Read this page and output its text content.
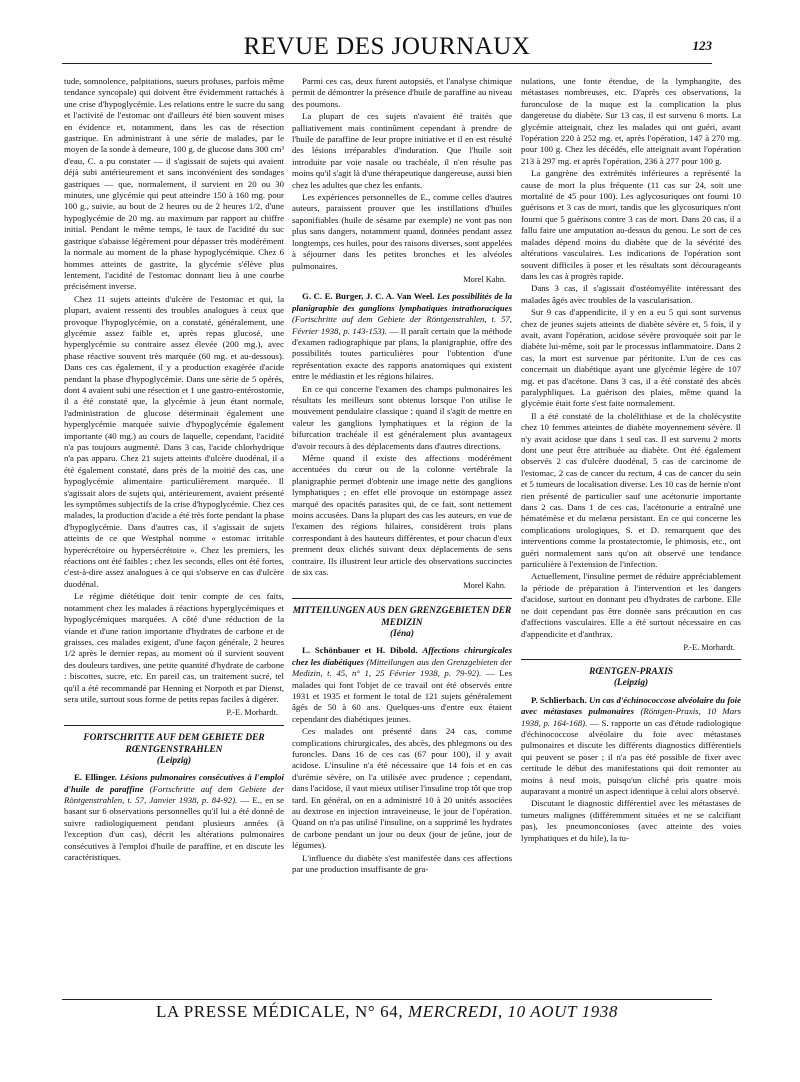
REVUE DES JOURNAUX	123

tude, somnolence, palpitations, sueurs profuses, parfois même tendance syncopale) qui doivent être évidemment rattachés à une crise d'hypoglycémie. Les relations entre le sucre du sang et l'activité de l'estomac ont d'ailleurs été bien souvent mises en évidence et, notamment, dans les cas de résection gastrique. En administrant à une série de malades, par le moyen de la sonde à demeure, 100 g. de glucose dans 300 cm³ d'eau, C. a pu constater — il s'agissait de sujets qui avaient déjà subi antérieurement et sans inconvénient des sondages gastriques — que, normalement, il survient en 20 ou 30 minutes, une glycémie qui peut atteindre 150 à 160 mg. pour 100 g., suivie, au bout de 2 heures ou de 2 heures 1/2, d'une hypoglycémie de 20 mg. au maximum par rapport au chiffre initial. Pendant le même temps, le taux de l'acidité du suc gastrique s'abaisse légèrement pour dépasser très modérément la normale au moment de la phase hypoglycémique. Chez 6 hommes atteints de gastrite, la glycémie s'élève plus lentement, l'acidité de l'estomac donnant lieu à une courbe précisément inverse.

Chez 11 sujets atteints d'ulcère de l'estomac et qui, la plupart, avaient ressenti des troubles analogues à ceux que provoque l'hypoglycémie, on a constaté, généralement, une glycémie assez faible et, après repas glucosé, une hyperglycémie su contraire assez élevée (200 mg.), avec phase réactive souvent très marquée (60 mg. et au-dessous). Dans ces cas également, il y a production exagérée d'acide pendant la phase d'hypoglycémie. Dans une série de 5 opérés, dont 4 avaient subi une résection et 1 une gastro-entérostomie, il a été constaté que, la glycémie à jeun étant normale, l'administration de glucose déterminait également une hyperglycémie marquée suivie d'hypoglycémie également importante (40 mg.) au cours de laquelle, cependant, l'acidité n'a pas toujours augmenté. Dans 3 cas, l'acide chlorhydrique n'a pas apparu. Chez 21 sujets atteints d'ulcère duodénal, il a été également constaté, dans près de la moitié des cas, une hypoglycémie alimentaire particulièrement marquée. Il s'agissait alors de sujets qui, antérieurement, avaient présenté les symptômes subjectifs de la crise d'hypoglycémie. Chez ces malades, la production d'acide a été très forte pendant la phase d'hypoglycémie. Dans d'autres cas, il s'agissait de sujets atteints de ce que Westphal nomme « estomac irritable hyperécrétoire ou hypersécrétoire ». Chez les premiers, les réactions ont été faibles ; chez les seconds, elles ont été fortes, c'est-à-dire assez analogues à ce qui s'observe en cas d'ulcère duodénal.

Le régime diététique doit tenir compte de ces faits, notamment chez les malades à réactions hyperglycémiques et hypoglycémiques marquées. A côté d'une réduction de la viande et d'une ration importante d'hydrates de carbone et de graisses, ces malades exigent, d'une façon générale, 2 heures 1/2 après le dernier repas, au moment où il survient souvent des douleurs tardives, une petite quantité d'hydrate de carbone : biscottes, sucre, etc. En pareil cas, un traitement sucré, tel qu'il a été recommandé par Henning et Norpoth et par Dienst, sera utile, surtout sous forme de petits repas faciles à digérer.

P.-E. Morhardt.
FORTSCHRITTE AUF DEM GEBIETE DER RŒNTGENSTRAHLEN
(Leipzig)

E. Ellinger. Lésions pulmonaires consécutives à l'emploi d'huile de paraffine (Fortschritte auf dem Gebiete der Röntgenstrahlen, t. 57, Janvier 1938, p. 84-92). — E., en se basant sur 6 observations personnelles qu'il lui a été donné de suivre radiologiquement pendant plusieurs années (à l'exception d'un cas), décrit les altérations pulmonaires consécutives à l'emploi d'huile de paraffine, et en discute les caractéristiques.

Parmi ces cas, deux furent autopsiés, et l'analyse chimique permit de démontrer la présence d'huile de paraffine au niveau des poumons.

La plupart de ces sujets n'avaient été traités que palliativement mais continûment cependant à prendre de l'huile de paraffine de leur propre initiative et il en est résulté des lésions irréparables d'induration. Que l'huile soit introduite par voie nasale ou trachéale, il n'en résulte pas moins qu'il s'agit là d'une thérapeutique dangereuse, aussi bien chez les adultes que chez les enfants.

Les expériences personnelles de E., comme celles d'autres auteurs, paraissent prouver que les instillations d'huiles saponifiables (huile de sésame par exemple) ne vont pas non plus sans dangers, notamment quand, données pendant assez longtemps, ces huiles, pour des raisons diverses, sont appelées à séjourner dans les petites bronches et les alvéoles pulmonaires.

Morel Kahn.

G. C. E. Burger, J. C. A. Van Weel. Les possibilités de la planigraphie des ganglions lymphatiques intrathoraciques (Fortschritte auf dem Gebiete der Röntgenstrahlen, t. 57, Février 1938, p. 143-153). — Il paraît certain que la méthode d'examen radiographique par plans, la planigraphie, offre des possibilités toutes particulières pour l'obtention d'une représentation exacte des rapports anatomiques qui existent entre le médiastin et les régions hilaires.

En ce qui concerne l'examen des champs pulmonaires les résultats les meilleurs sont obtenus lorsque l'on utilise le mouvement pendulaire classique ; quand il s'agit de mettre en valeur les ganglions lymphatiques et la région de la bifurcation trachéale il est généralement plus avantageux d'avoir recours à des déplacements dans d'autres directions.

Même quand il existe des affections modérément accentuées du cœur ou de la colonne vertébrale la planigraphie permet d'obtenir une image nette des ganglions lymphatiques ; en effet elle provoque un estompage assez marqué des opacités parasites qui, de ce fait, sont nettement moins accusées. Dans la plupart des cas les auteurs, en vue de l'examen des régions hilaires, considèrent trois plans correspondant à des hauteurs différentes, et pour chacun d'eux prennent deux clichés suivant deux déplacements de sens contraire. Ils illustrent leur article des observations succinctes de six cas.

Morel Kahn.
MITTEILUNGEN AUS DEN GRENZGEBIETEN DER MEDIZIN
(Iéna)

L. Schönbauer et H. Dibold. Affections chirurgicales chez les diabétiques (Mitteilungen aus den Grenzgebieten der Medizin, t. 45, n° 1, 25 Février 1938, p. 79-92). — Les malades qui font l'objet de ce travail ont été observés entre 1931 et 1935 et forment le total de 121 sujets généralement âgés de 50 à 60 ans. Quelques-uns d'entre eux étaient cependant des diabétiques jeunes.

Ces malades ont présenté dans 24 cas, comme complications chirurgicales, des abcès, des phlegmons ou des furoncles. Dans 16 de ces cas (67 pour 100), il y avait acidose. L'insuline n'a été nécessaire que 14 fois et en cas d'urémie sévère, on l'a utilisée avec prudence ; cependant, dans l'acidose, il vaut mieux utiliser l'insuline trop tôt que trop tard. En général, on en a administré 10 à 20 unités associées au dextrose en injection intraveineuse, le jour de l'opération. Quand on n'a pas utilisé l'insuline, on a supprimé les hydrates de carbone pendant un jour ou deux (jour de jeûne, jour de légumes).

L'influence du diabète s'est manifestée dans ces affections par une production insuffisante de gra-

nulations, une fonte étendue, de la lymphangite, des métastases nombreuses, etc. D'après ces observations, la furonculose de la nuque est la complication la plus dangereuse du diabète. Sur 13 cas, il est survenu 6 morts. La glycémie atteignait, chez les malades qui ont guéri, avant l'opération 220 à 252 mg. et, après l'opération, 147 à 270 mg. pour 100 g. Chez les décédés, elle atteignait avant l'opération 213 à 297 mg. et après l'opération, 236 à 277 pour 100 g.

La gangrène des extrémités inférieures a représenté la cause de mort la plus fréquente (11 cas sur 24, soit une mortalité de 45 pour 100). Les aglycosuriques ont fourni 10 guérisons et 3 cas de mort, tandis que les glycosuriques n'ont fourni que 5 guérisons contre 3 cas de mort. Dans 20 cas, il a fallu faire une amputation au-dessus du genou. Le sort de ces malades dépend moins du diabète que de la sévérité des altérations vasculaires. Les indications de l'opération sont souvent difficiles à poser et les résultats sont décourageants dans les cas à progrès rapide.

Dans 3 cas, il s'agissait d'ostéomyélite intéressant des malades âgés avec troubles de la vascularisation.

Sur 9 cas d'appendicite, il y en a eu 5 qui sont survenus chez de jeunes sujets atteints de diabète sévère et, 5 fois, il y avait, avant l'opération, acidose sévère provoquée soit par le diabète lui-même, soit par le processus inflammatoire. Dans 2 cas, la mort est survenue par péritonite. L'un de ces cas concernait un diabétique ayant une glycémie légère de 107 mg. et pas d'acétone. Dans 3 cas, il a été constaté des abcès paralyphliques. La guérison des plaies, même quand la glycémie était forte s'est faite normalement.

Il a été constaté de la cholélithiase et de la cholécystite chez 10 femmes atteintes de diabète moyennement sévère. Il n'y avait acidose que dans 1 seul cas. Il est survenu 2 morts dont une peut être attribuée au diabète. Ont été également observés 2 cas d'ulcère duodénal, 5 cas de carcinome de l'estomac, 2 cas de cancer du rectum, 4 cas de cancer du sein et 5 tumeurs de localisation diverse. Les 10 cas de hernie n'ont rien présenté de particulier sauf une acétonurie importante dans 2 cas. Dans 1 de ces cas, l'acétonurie a entraîné une hématémèse et du melæna persistant. En ce qui concerne les complications urologiques, S. et D. remarquent que des interventions comme la prostatectomie, le phimosis, etc., ont guéri normalement sans qu'on ait observé une tendance particulière à l'extension de l'infection.

Actuellement, l'insuline permet de réduire appréciablement la période de préparation à l'intervention et les dangers d'acidose, surtout en donnant peu d'hydrates de carbone. Elle ne doit cependant pas être donnée sans précaution en cas d'affections vasculaires. Elle a été surtout nécessaire en cas d'appendicite et d'anthrax.

P.-E. Morhardt.
RŒNTGEN-PRAXIS
(Leipzig)

P. Schlierbach. Un cas d'échinococcose alvéolaire du foie avec métastases pulmonaires (Röntgen-Praxis, 10 Mars 1938, p. 164-168). — S. rapporte un cas d'étude radiologique d'échinococcose alvéolaire du foie avec métastases pulmonaires et discute les différents diagnostics différentiels qui peuvent se poser ; il n'a pas été possible de fixer avec certitude le début des manifestations qui doit remonter au moins à neuf mois, puisqu'un cliché pris quatre mois auparavant a montré un aspect identique à celui alors observé.

Discutant le diagnostic différentiel avec les métastases de tumeurs malignes (différemment situées et ne se calcifiant pas), les pneumonconioses (avec atteinte des voies lymphatiques et du hile), la tu-

LA PRESSE MÉDICALE, N° 64, MERCREDI, 10 AOUT 1938
